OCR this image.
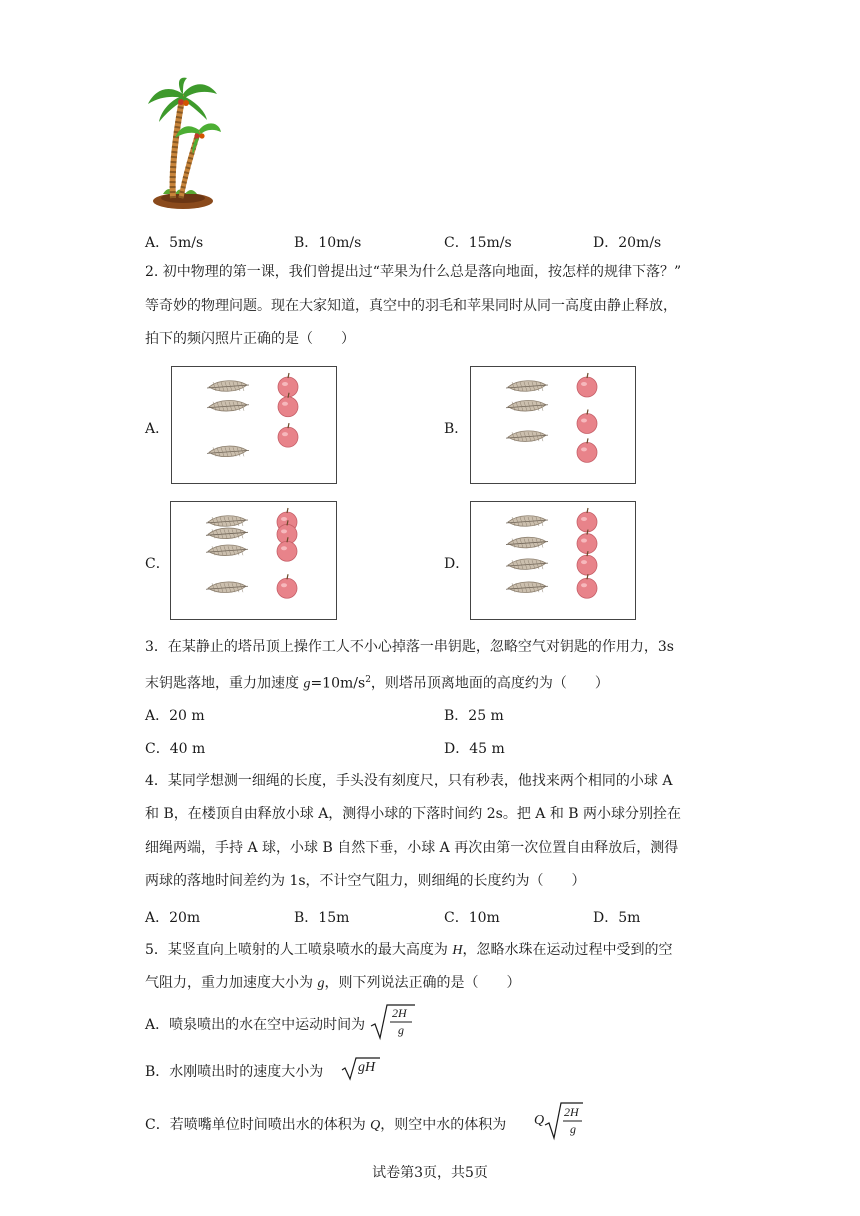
A．5m/s	B．10m/s	C．15m/s	D．20m/s
2. 初中物理的第一课，我们曾提出过“苹果为什么总是落向地面，按怎样的规律下落？”
等奇妙的物理问题。现在大家知道，真空中的羽毛和苹果同时从同一高度由静止释放，
拍下的频闪照片正确的是（　　）
A．	B．
C．	D．
3．在某静止的塔吊顶上操作工人不小心掉落一串钥匙，忽略空气对钥匙的作用力，3s
末钥匙落地，重力加速度 $g=10m/s^2$，则塔吊顶离地面的高度约为（　　）
A．20 m	B．25 m
C．40 m	D．45 m
4．某同学想测一细绳的长度，手头没有刻度尺，只有秒表，他找来两个相同的小球 A
和 B，在楼顶自由释放小球 A，测得小球的下落时间约 2s。把 A 和 B 两小球分别拴在
细绳两端，手持 A 球，小球 B 自然下垂，小球 A 再次由第一次位置自由释放后，测得
两球的落地时间差约为 1s，不计空气阻力，则细绳的长度约为（　　）
A．20m	B．15m	C．10m	D．5m
5．某竖直向上喷射的人工喷泉喷水的最大高度为 H，忽略水珠在运动过程中受到的空
气阻力，重力加速度大小为 g，则下列说法正确的是（　　）
A．喷泉喷出的水在空中运动时间为
2H
g
B．水刚喷出时的速度大小为 gH
C．若喷嘴单位时间喷出水的体积为 Q，则空中水的体积为 Q
2H
g
试卷第3页，共5页
